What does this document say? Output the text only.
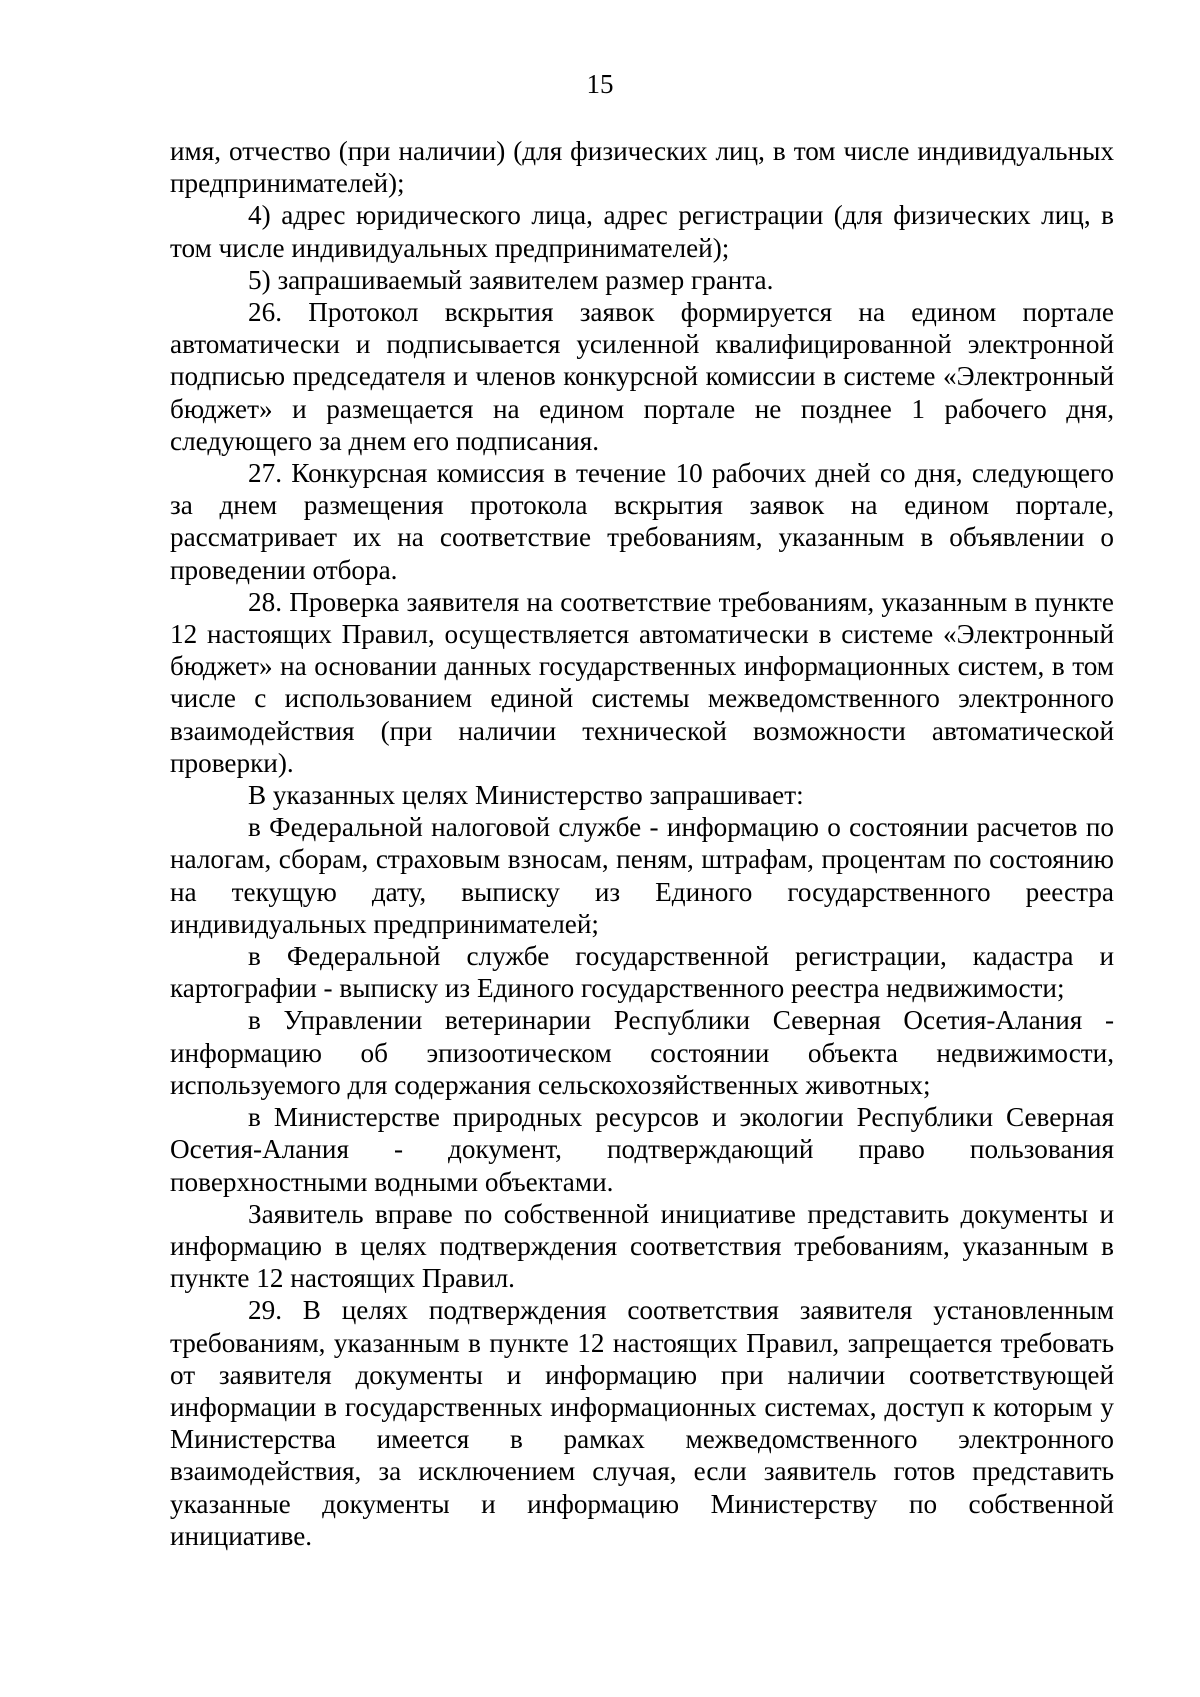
15

имя, отчество (при наличии) (для физических лиц, в том числе индивидуальных предпринимателей);

4) адрес юридического лица, адрес регистрации (для физических лиц, в том числе индивидуальных предпринимателей);

5) запрашиваемый заявителем размер гранта.

26. Протокол вскрытия заявок формируется на едином портале автоматически и подписывается усиленной квалифицированной электронной подписью председателя и членов конкурсной комиссии в системе «Электронный бюджет» и размещается на едином портале не позднее 1 рабочего дня, следующего за днем его подписания.

27. Конкурсная комиссия в течение 10 рабочих дней со дня, следующего за днем размещения протокола вскрытия заявок на едином портале, рассматривает их на соответствие требованиям, указанным в объявлении о проведении отбора.

28. Проверка заявителя на соответствие требованиям, указанным в пункте 12 настоящих Правил, осуществляется автоматически в системе «Электронный бюджет» на основании данных государственных информационных систем, в том числе с использованием единой системы межведомственного электронного взаимодействия (при наличии технической возможности автоматической проверки).

В указанных целях Министерство запрашивает:

в Федеральной налоговой службе - информацию о состоянии расчетов по налогам, сборам, страховым взносам, пеням, штрафам, процентам по состоянию на текущую дату, выписку из Единого государственного реестра индивидуальных предпринимателей;

в Федеральной службе государственной регистрации, кадастра и картографии - выписку из Единого государственного реестра недвижимости;

в Управлении ветеринарии Республики Северная Осетия-Алания - информацию об эпизоотическом состоянии объекта недвижимости, используемого для содержания сельскохозяйственных животных;

в Министерстве природных ресурсов и экологии Республики Северная Осетия-Алания - документ, подтверждающий право пользования поверхностными водными объектами.

Заявитель вправе по собственной инициативе представить документы и информацию в целях подтверждения соответствия требованиям, указанным в пункте 12 настоящих Правил.

29. В целях подтверждения соответствия заявителя установленным требованиям, указанным в пункте 12 настоящих Правил, запрещается требовать от заявителя документы и информацию при наличии соответствующей информации в государственных информационных системах, доступ к которым у Министерства имеется в рамках межведомственного электронного взаимодействия, за исключением случая, если заявитель готов представить указанные документы и информацию Министерству по собственной инициативе.
